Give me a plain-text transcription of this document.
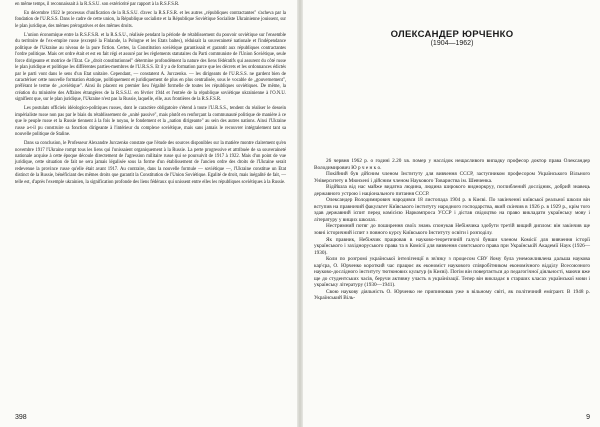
en même temps, il reconnaissait à la R.S.S.U. son extériorité par rapport à la R.S.F.S.R.

En décembre 1922 le processus d'unification de la R.S.S.U. d'avec la R.S.F.S.R. et les autres „républiques contractantes" s'acheva par la fondation de l'U.R.S.S. Dans le cadre de cette union, la République socialiste et la République Soviétique Socialiste Ukrainienne jouissent, sur le plan juridique, des mêmes prérogatives et des mêmes droits.

L'union économique entre la R.S.F.S.R. et la R.S.S.U., réalisée pendant la période de rétablissement du pouvoir soviétique sur l'ensemble du territoire de l'ex-empire russe (excepté la Finlande, la Pologne et les Etats baltes), réduisait la souveraineté nationale et l'indépendance politique de l'Ukraine au niveau de la pure fiction. Certes, la Constitution soviétique garantissait et garantit aux républiques contractantes l'ordre politique. Mais cet ordre était et est en fait régi et assuré par les règlements statutaires du Parti communiste de l'Union Soviétique, seule force dirigeante et motrice de l'Etat. Ce „droit constitutionnel" détermine profondément la nature des liens fédératifs qui assurent du côté russe le plan juridique et politique les différentes parties-membres de l'U.R.S.S. Et il y a de formation parce que les décrets et les ordonnances édictés par le parti vont dans le sens d'un Etat unitaire. Cependant, — constatent A. Jurczenko. — les dirigeants de l'U.R.S.S. ne gardent bien de caractériser cette nouvelle formation étatique, politiquement et juridiquement de plus en plus centralisée, sous le vocable de „gouvernement", préférant le terme de „soviétique". Ainsi ils placent en premier lieu l'égalité formelle de toutes les républiques soviétiques. De même, la création du ministère des Affaires étrangères de la R.S.S.U. en février 1944 et l'entrée de la république soviétique ukrainienne à l'O.N.U. signifient que, sur le plan juridique, l'Ukraine n'est pas la Russie, laquelle, elle, aux frontières de la R.S.F.S.R.

Les postulats officiels idéologico-politiques russes, dont le caractère obligatoire s'étend à toute l'U.R.S.S., tendent du réaliser le dessein impérialiste russe non pas par le biais du rétablissement de „unité passive", mais plutôt en renforçant la communauté politique de manière à ce que le peuple russe et la Russie tiennent à la fois le noyau, le fondement et la „nation dirigeante" au sein des autres nations. Ainsi l'Ukraine russe a-t-il pu construire sa fonction dirigeante à l'intérieur du complexe soviétique, mais sans jamais le recouvrer intégralement tant sa nouvelle politique de Staline.

Dans sa conclusion, le Professeur Alexandre Jurczenko constate que l'étude des sources disponibles sur la matière montre clairement qu'en novembre 1917 l'Ukraine rompt tous les liens qui l'unissaient organiquement à la Russie. La perte progressive et attribuée de sa souveraineté nationale acquise à cette époque découle directement de l'agression militaire russe qui se poursuivit de 1917 à 1922. Mais d'un point de vue juridique, cette situation de fait ne sera jamais légalisée sous la forme d'un établissement de l'ancien ordre des droits de l'Ukraine serait redevenue la province russe qu'elle était avant 1917. Au contraire, dans la nouvelle formule — soviétique —, l'Ukraine constitue un Etat distinct de la Russie, bénéficiant des mêmes droits que garantit la Constitution de l'Union Soviétique. Egalité de droit, mais inégalité de fait, — telle est, d'après l'exemple ukrainien, la signification profonde des liens fédéraux qui unissent entre elles les républiques soviétiques à la Russie.

398
ОЛЕКСАНДЕР ЮРЧЕНКО
(1904—1962)

26 червня 1962 р. о годині 2.20 хв. помер у наслідок нещасливого випадку професор доктор права Олександер Володимирович Ю р ч е н к о.

Покійний був дійсним членом Інституту для вивчення СССР, заступником професором Українського Вільного Університету в Мюнхені і дійсним членом Наукового Товариства ім. Шевченка.

Відійшла від нас майже видатна людина, людина широкого видноркруу, поглиблений дослідник, добрий знавець державного устрою і національного питання СССР.

Олександер Володимирович народився 18 листопада 1904 р. в Києві. По закінченні київської реальної школи він вступив на правничий факультет Київського інституту народного господарства, який скінчив в 1926 р. в 1929 р., крім того здав державний іспит перед комісією Наркомпроса УССР і дістав свідоцтво на право викладати українську мову і літературу у вищих школах.

Нестримний потяг до поширення своїх знань спонукав Небіжчика здобути третій вищий диплом: він закінчив ще зовні історичний іспит з повного курсу Київського Інституту освіти і розподілу.

Як правник, Небіжчик працював в науково-теоретичній галузі бувши членом Комісії для вивчення історії українського і західноруського права та в Комісії для вивчення совєтського права при Українській Академії Наук (1926—1930).

Коли по розгромі української інтелігенції в зв'язку з процесом СВУ йому була унеможливлена дальша наукова кар'єра, О. Юрченко короткий час працює як економіст наукового співробітником економічного відділу Всесоюзного науково-дослідного інституту тютюнових культур (в Києві). Потім він повертається до педагогічної діяльності, маючи вже ще до студентських часів, беручи активну участь в українізації. Тепер він викладає в старших класах української мови і українську літературу (1930—1941).

Свою наукову діяльність О. Юрченко не припинював уже в вільному світі, як політичний емігрант. В 1948 р. Український Віль-

9
